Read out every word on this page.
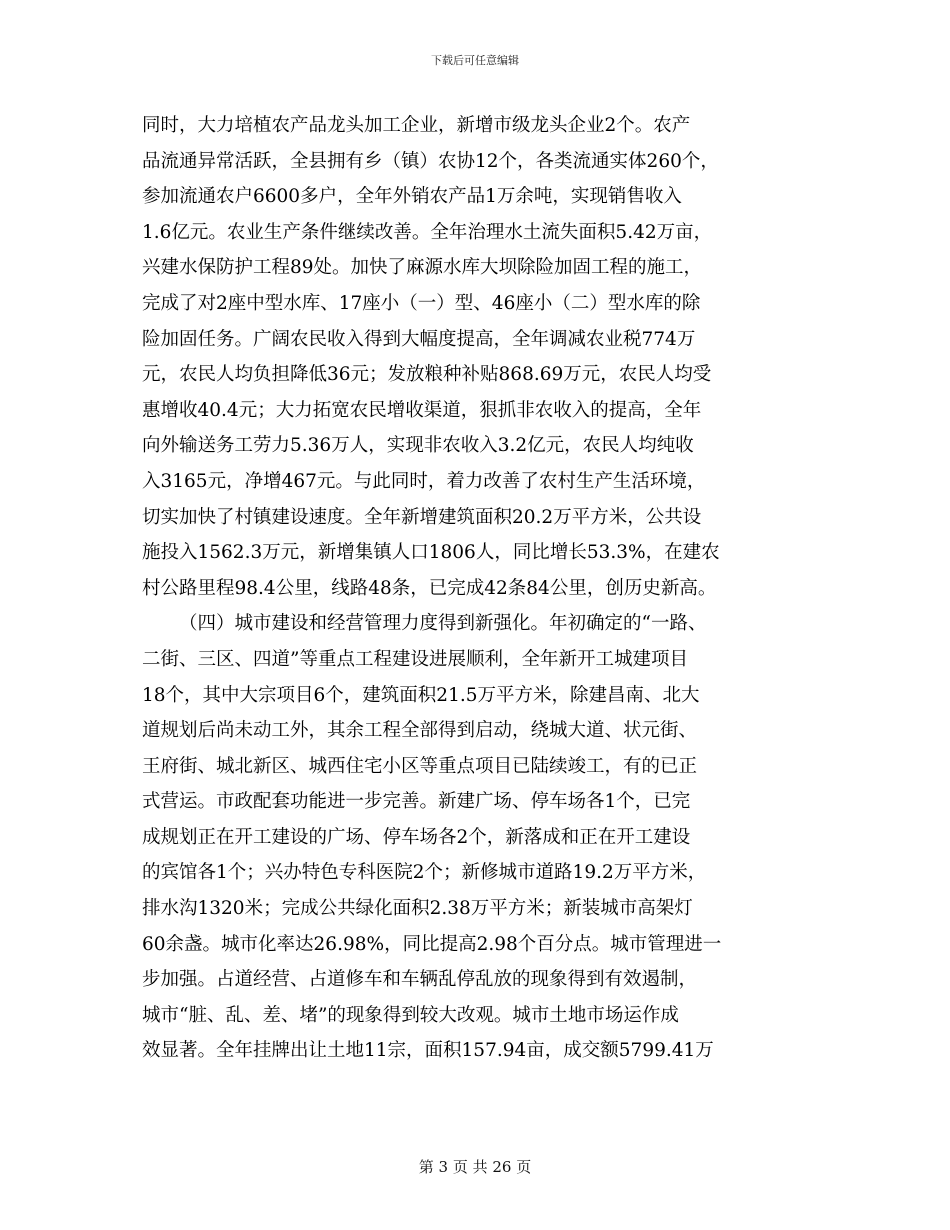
下载后可任意编辑
同时，大力培植农产品龙头加工企业，新增市级龙头企业2个。农产
品流通异常活跃，全县拥有乡（镇）农协12个，各类流通实体260个，
参加流通农户6600多户，全年外销农产品1万余吨，实现销售收入
1.6亿元。农业生产条件继续改善。全年治理水土流失面积5.42万亩，
兴建水保防护工程89处。加快了麻源水库大坝除险加固工程的施工，
完成了对2座中型水库、17座小（一）型、46座小（二）型水库的除
险加固任务。广阔农民收入得到大幅度提高，全年调减农业税774万
元，农民人均负担降低36元；发放粮种补贴868.69万元，农民人均受
惠增收40.4元；大力拓宽农民增收渠道，狠抓非农收入的提高，全年
向外输送务工劳力5.36万人，实现非农收入3.2亿元，农民人均纯收
入3165元，净增467元。与此同时，着力改善了农村生产生活环境，
切实加快了村镇建设速度。全年新增建筑面积20.2万平方米，公共设
施投入1562.3万元，新增集镇人口1806人，同比增长53.3%，在建农
村公路里程98.4公里，线路48条，已完成42条84公里，创历史新高。
（四）城市建设和经营管理力度得到新强化。年初确定的“一路、
二街、三区、四道”等重点工程建设进展顺利，全年新开工城建项目
18个，其中大宗项目6个，建筑面积21.5万平方米，除建昌南、北大
道规划后尚未动工外，其余工程全部得到启动，绕城大道、状元街、
王府街、城北新区、城西住宅小区等重点项目已陆续竣工，有的已正
式营运。市政配套功能进一步完善。新建广场、停车场各1个，已完
成规划正在开工建设的广场、停车场各2个，新落成和正在开工建设
的宾馆各1个；兴办特色专科医院2个；新修城市道路19.2万平方米，
排水沟1320米；完成公共绿化面积2.38万平方米；新装城市高架灯
60余盏。城市化率达26.98%，同比提高2.98个百分点。城市管理进一
步加强。占道经营、占道修车和车辆乱停乱放的现象得到有效遏制，
城市“脏、乱、差、堵”的现象得到较大改观。城市土地市场运作成
效显著。全年挂牌出让土地11宗，面积157.94亩，成交额5799.41万
第 3 页 共 26 页
